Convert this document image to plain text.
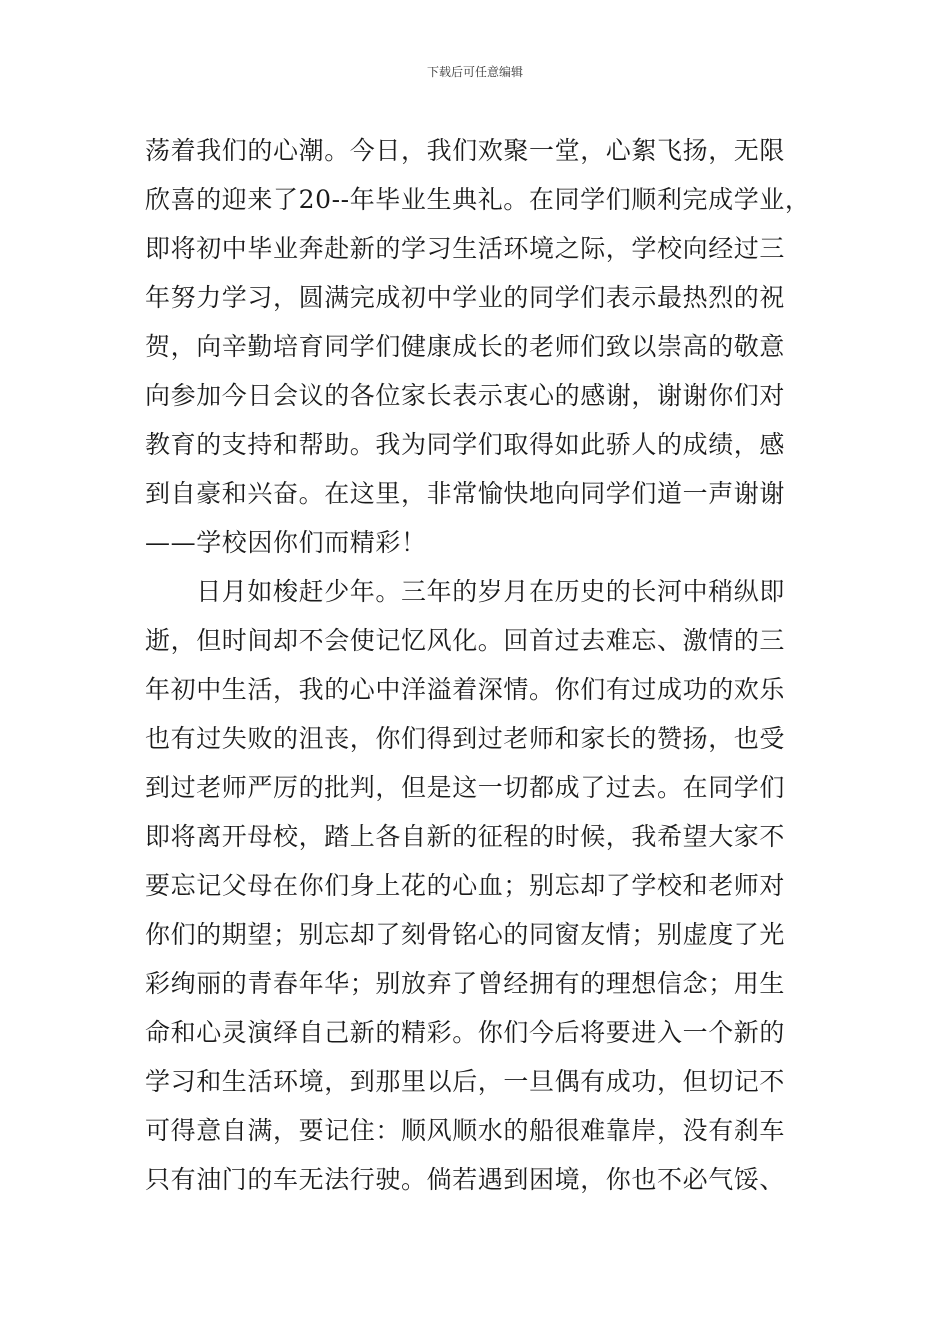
下载后可任意编辑
荡着我们的心潮。今日，我们欢聚一堂，心絮飞扬，无限
欣喜的迎来了20--年毕业生典礼。在同学们顺利完成学业，
即将初中毕业奔赴新的学习生活环境之际，学校向经过三
年努力学习，圆满完成初中学业的同学们表示最热烈的祝
贺，向辛勤培育同学们健康成长的老师们致以崇高的敬意
向参加今日会议的各位家长表示衷心的感谢，谢谢你们对
教育的支持和帮助。我为同学们取得如此骄人的成绩，感
到自豪和兴奋。在这里，非常愉快地向同学们道一声谢谢
——学校因你们而精彩！
　　日月如梭赶少年。三年的岁月在历史的长河中稍纵即
逝，但时间却不会使记忆风化。回首过去难忘、激情的三
年初中生活，我的心中洋溢着深情。你们有过成功的欢乐
也有过失败的沮丧，你们得到过老师和家长的赞扬，也受
到过老师严厉的批判，但是这一切都成了过去。在同学们
即将离开母校，踏上各自新的征程的时候，我希望大家不
要忘记父母在你们身上花的心血；别忘却了学校和老师对
你们的期望；别忘却了刻骨铭心的同窗友情；别虚度了光
彩绚丽的青春年华；别放弃了曾经拥有的理想信念；用生
命和心灵演绎自己新的精彩。你们今后将要进入一个新的
学习和生活环境，到那里以后，一旦偶有成功，但切记不
可得意自满，要记住：顺风顺水的船很难靠岸，没有刹车
只有油门的车无法行驶。倘若遇到困境，你也不必气馁、
